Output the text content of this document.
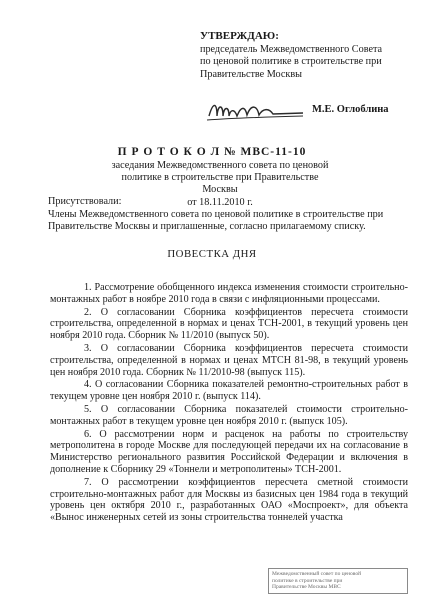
УТВЕРЖДАЮ:
председатель Межведомственного Совета
по ценовой политике в строительстве при
Правительстве Москвы
М.Е. Оглоблина
П Р О Т О К О Л № МВС-11-10
заседания Межведомственного совета по ценовой
политике в строительстве при Правительстве Москвы
от 18.11.2010 г.
Присутствовали:
Члены Межведомственного совета по ценовой политике в строительстве при Правительстве Москвы и приглашенные, согласно прилагаемому списку.
ПОВЕСТКА ДНЯ

1. Рассмотрение обобщенного индекса изменения стоимости строительно-монтажных работ в ноябре 2010 года в связи с инфляционными процессами.

2. О согласовании Сборника коэффициентов пересчета стоимости строительства, определенной в нормах и ценах ТСН-2001, в текущий уровень цен ноября 2010 года. Сборник № 11/2010 (выпуск 50).

3. О согласовании Сборника коэффициентов пересчета стоимости строительства, определенной в нормах и ценах МТСН 81-98, в текущий уровень цен ноября 2010 года. Сборник № 11/2010-98 (выпуск 115).

4. О согласовании Сборника показателей ремонтно-строительных работ в текущем уровне цен ноября 2010 г. (выпуск 114).

5. О согласовании Сборника показателей стоимости строительно-монтажных работ в текущем уровне цен ноября 2010 г. (выпуск 105).

6. О рассмотрении норм и расценок на работы по строительству метрополитена в городе Москве для последующей передачи их на согласование в Министерство регионального развития Российской Федерации и включения в дополнение к Сборнику 29 «Тоннели и метрополитены» ТСН-2001.

7. О рассмотрении коэффициентов пересчета сметной стоимости строительно-монтажных работ для Москвы из базисных цен 1984 года в текущий уровень цен октября 2010 г., разработанных ОАО «Моспроект», для объекта «Вынос инженерных сетей из зоны строительства тоннелей участка

Межведомственный совет по ценовой
политике в строительстве при
Правительстве Москвы МВС
